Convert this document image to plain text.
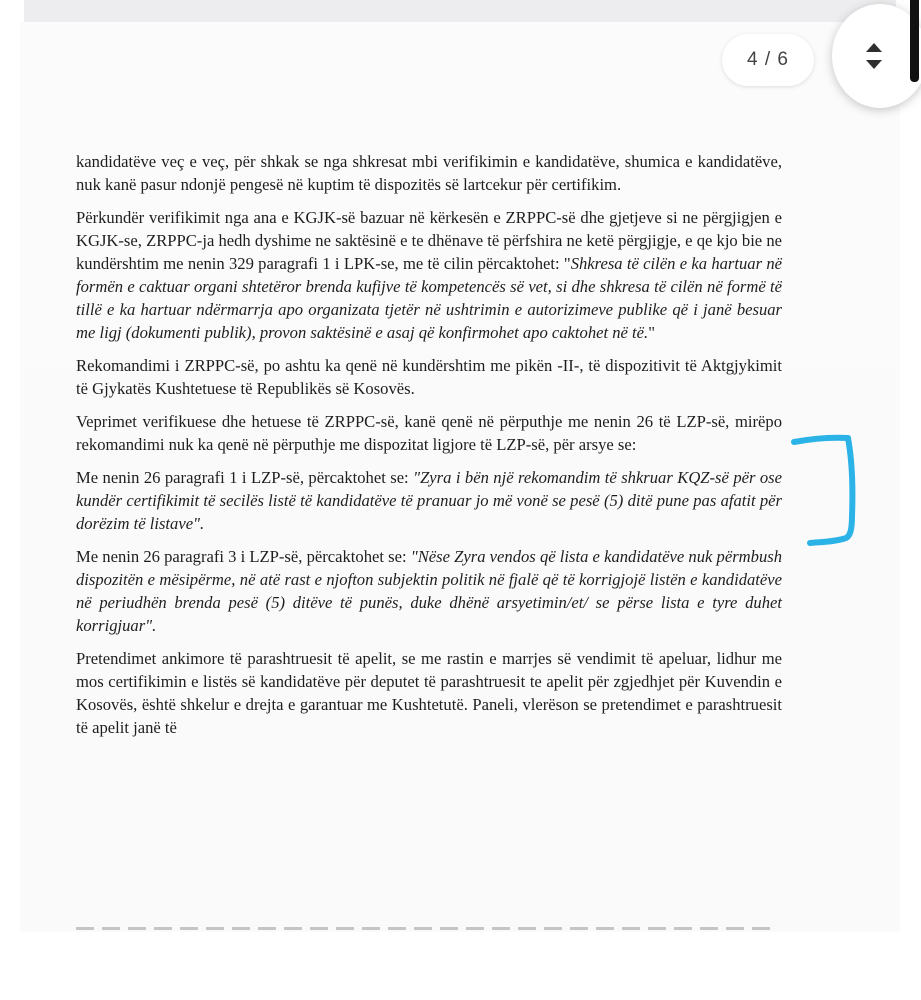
4 / 6

kandidatëve veç e veç, për shkak se nga shkresat mbi verifikimin e kandidatëve, shumica e kandidatëve, nuk kanë pasur ndonjë pengesë në kuptim të dispozitës së lartcekur për certifikim.

Përkundër verifikimit nga ana e KGJK-së bazuar në kërkesën e ZRPPC-së dhe gjetjeve si ne përgjigjen e KGJK-se, ZRPPC-ja hedh dyshime ne saktësinë e te dhënave të përfshira ne ketë përgjigje, e qe kjo bie ne kundërshtim me nenin 329 paragrafi 1 i LPK-se, me të cilin përcaktohet: "Shkresa të cilën e ka hartuar në formën e caktuar organi shtetëror brenda kufijve të kompetencës së vet, si dhe shkresa të cilën në formë të tillë e ka hartuar ndërmarrja apo organizata tjetër në ushtrimin e autorizimeve publike që i janë besuar me ligj (dokumenti publik), provon saktësinë e asaj që konfirmohet apo caktohet në të."

Rekomandimi i ZRPPC-së, po ashtu ka qenë në kundërshtim me pikën -II-, të dispozitivit të Aktgjykimit të Gjykatës Kushtetuese të Republikës së Kosovës.

Veprimet verifikuese dhe hetuese të ZRPPC-së, kanë qenë në përputhje me nenin 26 të LZP-së, mirëpo rekomandimi nuk ka qenë në përputhje me dispozitat ligjore të LZP-së, për arsye se:

Me nenin 26 paragrafi 1 i LZP-së, përcaktohet se: "Zyra i bën një rekomandim të shkruar KQZ-së për ose kundër certifikimit të secilës listë të kandidatëve të pranuar jo më vonë se pesë (5) ditë pune pas afatit për dorëzim të listave".

Me nenin 26 paragrafi 3 i LZP-së, përcaktohet se: "Nëse Zyra vendos që lista e kandidatëve nuk përmbush dispozitën e mësipërme, në atë rast e njofton subjektin politik në fjalë që të korrigjojë listën e kandidatëve në periudhën brenda pesë (5) ditëve të punës, duke dhënë arsyetimin/et/ se përse lista e tyre duhet korrigjuar".

Pretendimet ankimore të parashtruesit të apelit, se me rastin e marrjes së vendimit të apeluar, lidhur me mos certifikimin e listës së kandidatëve për deputet të parashtruesit te apelit për zgjedhjet për Kuvendin e Kosovës, është shkelur e drejta e garantuar me Kushtetutë. Paneli, vlerëson se pretendimet e parashtruesit të apelit janë të
